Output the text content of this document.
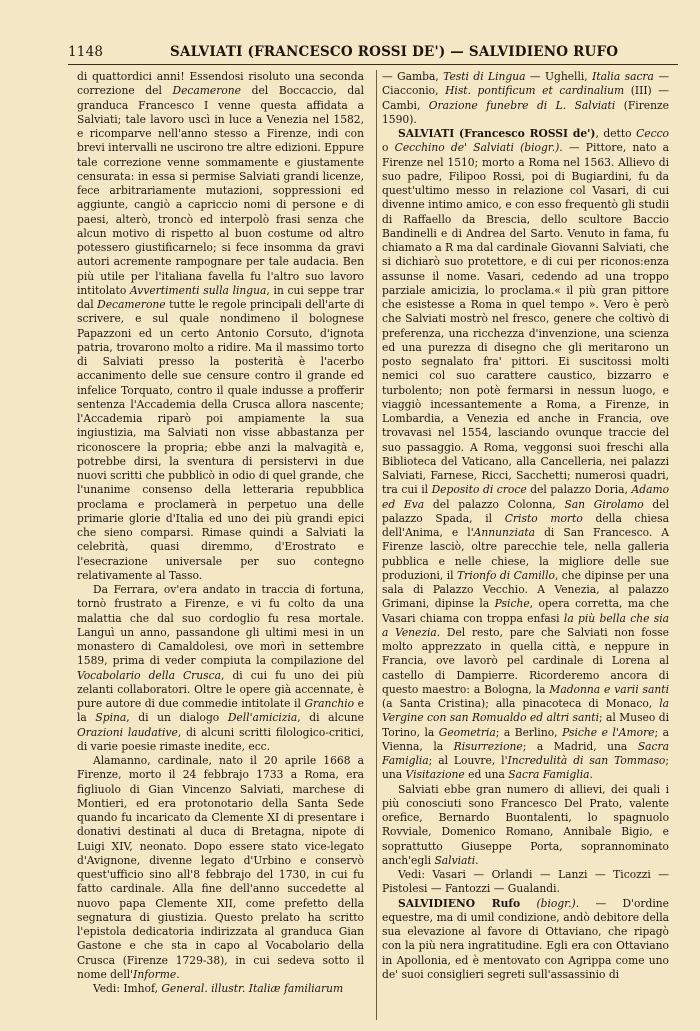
1148	SALVIATI (FRANCESCO ROSSI DE') — SALVIDIENO RUFO

di quattordici anni! Essendosi risoluto una seconda correzione del Decamerone del Boccaccio, dal granduca Francesco I venne questa affidata a Salviati; tale lavoro uscì in luce a Venezia nel 1582, e ricomparve nell'anno stesso a Firenze, indi con brevi intervalli ne uscirono tre altre edizioni. Eppure tale correzione venne sommamente e giustamente censurata: in essa si permise Salviati grandi licenze, fece arbitrariamente mutazioni, soppressioni ed aggiunte, cangiò a capriccio nomi di persone e di paesi, alterò, troncò ed interpolò frasi senza che alcun motivo di rispetto al buon costume od altro potessero giustificarnelo; si fece insomma da gravi autori acremente rampognare per tale audacia. Ben più utile per l'italiana favella fu l'altro suo lavoro intitolato Avvertimenti sulla lingua, in cui seppe trar dal Decamerone tutte le regole principali dell'arte di scrivere, e sul quale nondimeno il bolognese Papazzoni ed un certo Antonio Corsuto, d'ignota patria, trovarono molto a ridire. Ma il massimo torto di Salviati presso la posterità è l'acerbo accanimento delle sue censure contro il grande ed infelice Torquato, contro il quale indusse a profferir sentenza l'Accademia della Crusca allora nascente; l'Accademia riparò poi ampiamente la sua ingiustizia, ma Salviati non visse abbastanza per riconoscere la propria; ebbe anzi la malvagità e, potrebbe dirsi, la sventura di persistervi in due nuovi scritti che pubblicò in odio di quel grande, che l'unanime consenso della letteraria repubblica proclama e proclamerà in perpetuo una delle primarie glorie d'Italia ed uno dei più grandi epici che sieno comparsi. Rimase quindi a Salviati la celebrità, quasi diremmo, d'Erostrato e l'esecrazione universale per suo contegno relativamente al Tasso.

Da Ferrara, ov'era andato in traccia di fortuna, tornò frustrato a Firenze, e vi fu colto da una malattia che dal suo cordoglio fu resa mortale. Languì un anno, passandone gli ultimi mesi in un monastero di Camaldolesi, ove morì in settembre 1589, prima di veder compiuta la compilazione del Vocabolario della Crusca, di cui fu uno dei più zelanti collaboratori. Oltre le opere già accennate, è pure autore di due commedie intitolate il Granchio e la Spina, di un dialogo Dell'amicizia, di alcune Orazioni laudative, di alcuni scritti filologico-critici, di varie poesie rimaste inedite, ecc.

Alamanno, cardinale, nato il 20 aprile 1668 a Firenze, morto il 24 febbrajo 1733 a Roma, era figliuolo di Gian Vincenzo Salviati, marchese di Montieri, ed era protonotario della Santa Sede quando fu incaricato da Clemente XI di presentare i donativi destinati al duca di Bretagna, nipote di Luigi XIV, neonato. Dopo essere stato vice-legato d'Avignone, divenne legato d'Urbino e conservò quest'ufficio sino all'8 febbrajo del 1730, in cui fu fatto cardinale. Alla fine dell'anno succedette al nuovo papa Clemente XII, come prefetto della segnatura di giustizia. Questo prelato ha scritto l'epistola dedicatoria indirizzata al granduca Gian Gastone e che sta in capo al Vocabolario della Crusca (Firenze 1729-38), in cui sedeva sotto il nome dell'Informe.

Vedi: Imhof, General. illustr. Italiæ familiarum

— Gamba, Testi di Lingua — Ughelli, Italia sacra — Ciacconio, Hist. pontificum et cardinalium (III) — Cambi, Orazione funebre di L. Salviati (Firenze 1590).

SALVIATI (Francesco ROSSI de'), detto Cecco o Cecchino de' Salviati (biogr.). — Pittore, nato a Firenze nel 1510; morto a Roma nel 1563. Allievo di suo padre, Filipoo Rossi, poi di Bugiardini, fu da quest'ultimo messo in relazione col Vasari, di cui divenne intimo amico, e con esso frequentò gli studii di Raffaello da Brescia, dello scultore Baccio Bandinelli e di Andrea del Sarto. Venuto in fama, fu chiamato a R ma dal cardinale Giovanni Salviati, che si dichiarò suo protettore, e di cui per riconos:enza assunse il nome. Vasari, cedendo ad una troppo parziale amicizia, lo proclama.« il più gran pittore che esistesse a Roma in quel tempo ». Vero è però che Salviati mostrò nel fresco, genere che coltivò di preferenza, una ricchezza d'invenzione, una scienza ed una purezza di disegno che gli meritarono un posto segnalato fra' pittori. Ei suscitossi molti nemici col suo carattere caustico, bizzarro e turbolento; non potè fermarsi in nessun luogo, e viaggiò incessantemente a Roma, a Firenze, in Lombardia, a Venezia ed anche in Francia, ove trovavasi nel 1554, lasciando ovunque traccie del suo passaggio. A Roma, veggonsi suoi freschi alla Biblioteca del Vaticano, alla Cancelleria, nei palazzi Salviati, Farnese, Ricci, Sacchetti; numerosi quadri, tra cui il Deposito di croce del palazzo Doria, Adamo ed Eva del palazzo Colonna, San Girolamo del palazzo Spada, il Cristo morto della chiesa dell'Anima, e l'Annunziata di San Francesco. A Firenze lasciò, oltre parecchie tele, nella galleria pubblica e nelle chiese, la migliore delle sue produzioni, il Trionfo di Camillo, che dipinse per una sala di Palazzo Vecchio. A Venezia, al palazzo Grimani, dipinse la Psiche, opera corretta, ma che Vasari chiama con troppa enfasi la più bella che sia a Venezia. Del resto, pare che Salviati non fosse molto apprezzato in quella città, e neppure in Francia, ove lavorò pel cardinale di Lorena al castello di Dampierre. Ricorderemo ancora di questo maestro: a Bologna, la Madonna e varii santi (a Santa Cristina); alla pinacoteca di Monaco, la Vergine con san Romualdo ed altri santi; al Museo di Torino, la Geometria; a Berlino, Psiche e l'Amore; a Vienna, la Risurrezione; a Madrid, una Sacra Famiglia; al Louvre, l'Incredulità di san Tommaso; una Visitazione ed una Sacra Famiglia.

Salviati ebbe gran numero di allievi, dei quali i più conosciuti sono Francesco Del Prato, valente orefice, Bernardo Buontalenti, lo spagnuolo Rovviale, Domenico Romano, Annibale Bigio, e soprattutto Giuseppe Porta, soprannominato anch'egli Salviati.

Vedi: Vasari — Orlandi — Lanzi — Ticozzi — Pistolesi — Fantozzi — Gualandi.

SALVIDIENO Rufo (biogr.). — D'ordine equestre, ma di umil condizione, andò debitore della sua elevazione al favore di Ottaviano, che ripagò con la più nera ingratitudine. Egli era con Ottaviano in Apollonia, ed è mentovato con Agrippa come uno de' suoi consiglieri segreti sull'assassinio di
